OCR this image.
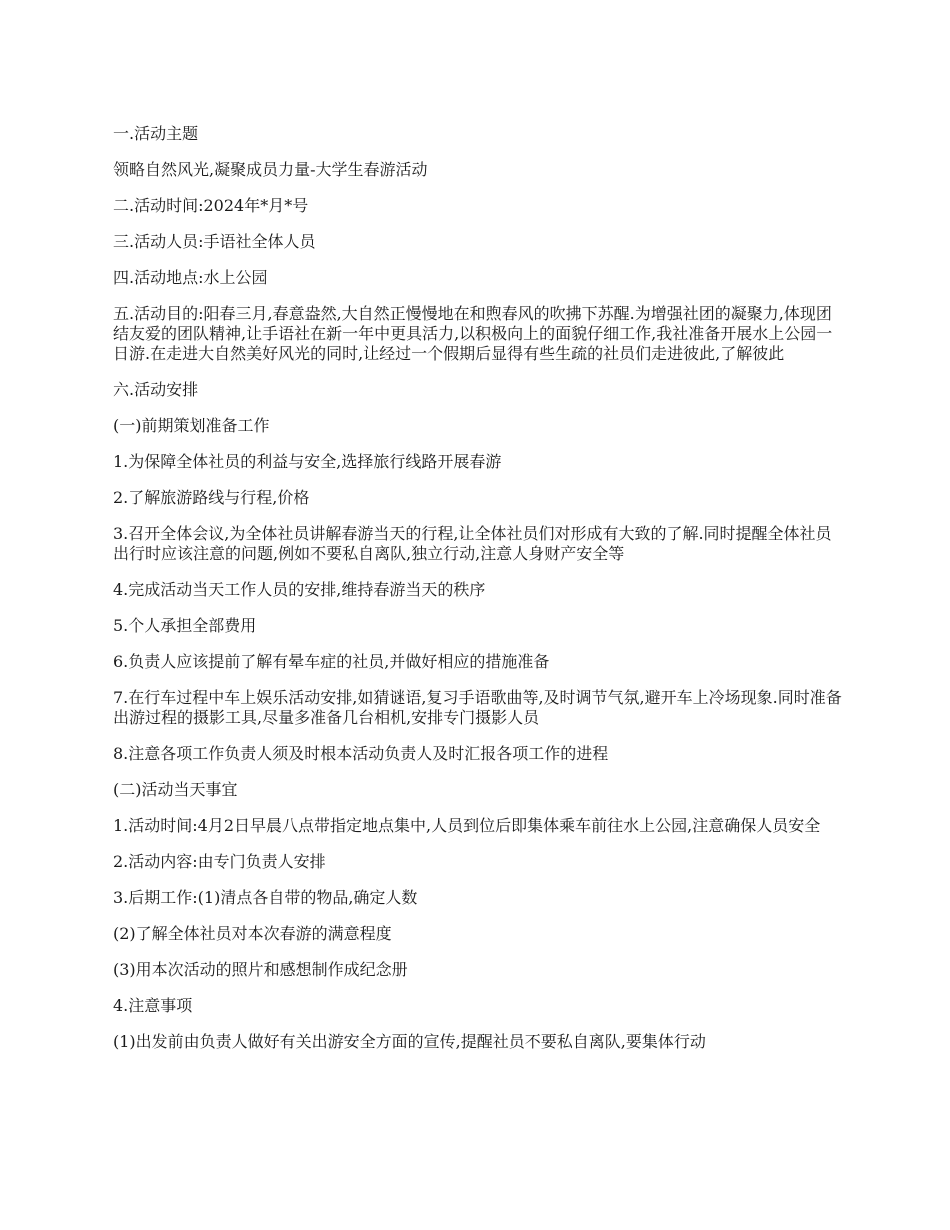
一.活动主题

领略自然风光,凝聚成员力量-大学生春游活动

二.活动时间:2024年*月*号

三.活动人员:手语社全体人员

四.活动地点:水上公园

五.活动目的:阳春三月,春意盎然,大自然正慢慢地在和煦春风的吹拂下苏醒.为增强社团的凝聚力,体现团结友爱的团队精神,让手语社在新一年中更具活力,以积极向上的面貌仔细工作,我社准备开展水上公园一日游.在走进大自然美好风光的同时,让经过一个假期后显得有些生疏的社员们走进彼此,了解彼此

六.活动安排

(一)前期策划准备工作

1.为保障全体社员的利益与安全,选择旅行线路开展春游

2.了解旅游路线与行程,价格

3.召开全体会议,为全体社员讲解春游当天的行程,让全体社员们对形成有大致的了解.同时提醒全体社员出行时应该注意的问题,例如不要私自离队,独立行动,注意人身财产安全等

4.完成活动当天工作人员的安排,维持春游当天的秩序

5.个人承担全部费用

6.负责人应该提前了解有晕车症的社员,并做好相应的措施准备

7.在行车过程中车上娱乐活动安排,如猜谜语,复习手语歌曲等,及时调节气氛,避开车上冷场现象.同时准备出游过程的摄影工具,尽量多准备几台相机,安排专门摄影人员

8.注意各项工作负责人须及时根本活动负责人及时汇报各项工作的进程

(二)活动当天事宜

1.活动时间:4月2日早晨八点带指定地点集中,人员到位后即集体乘车前往水上公园,注意确保人员安全

2.活动内容:由专门负责人安排

3.后期工作:(1)清点各自带的物品,确定人数

(2)了解全体社员对本次春游的满意程度

(3)用本次活动的照片和感想制作成纪念册

4.注意事项

(1)出发前由负责人做好有关出游安全方面的宣传,提醒社员不要私自离队,要集体行动
